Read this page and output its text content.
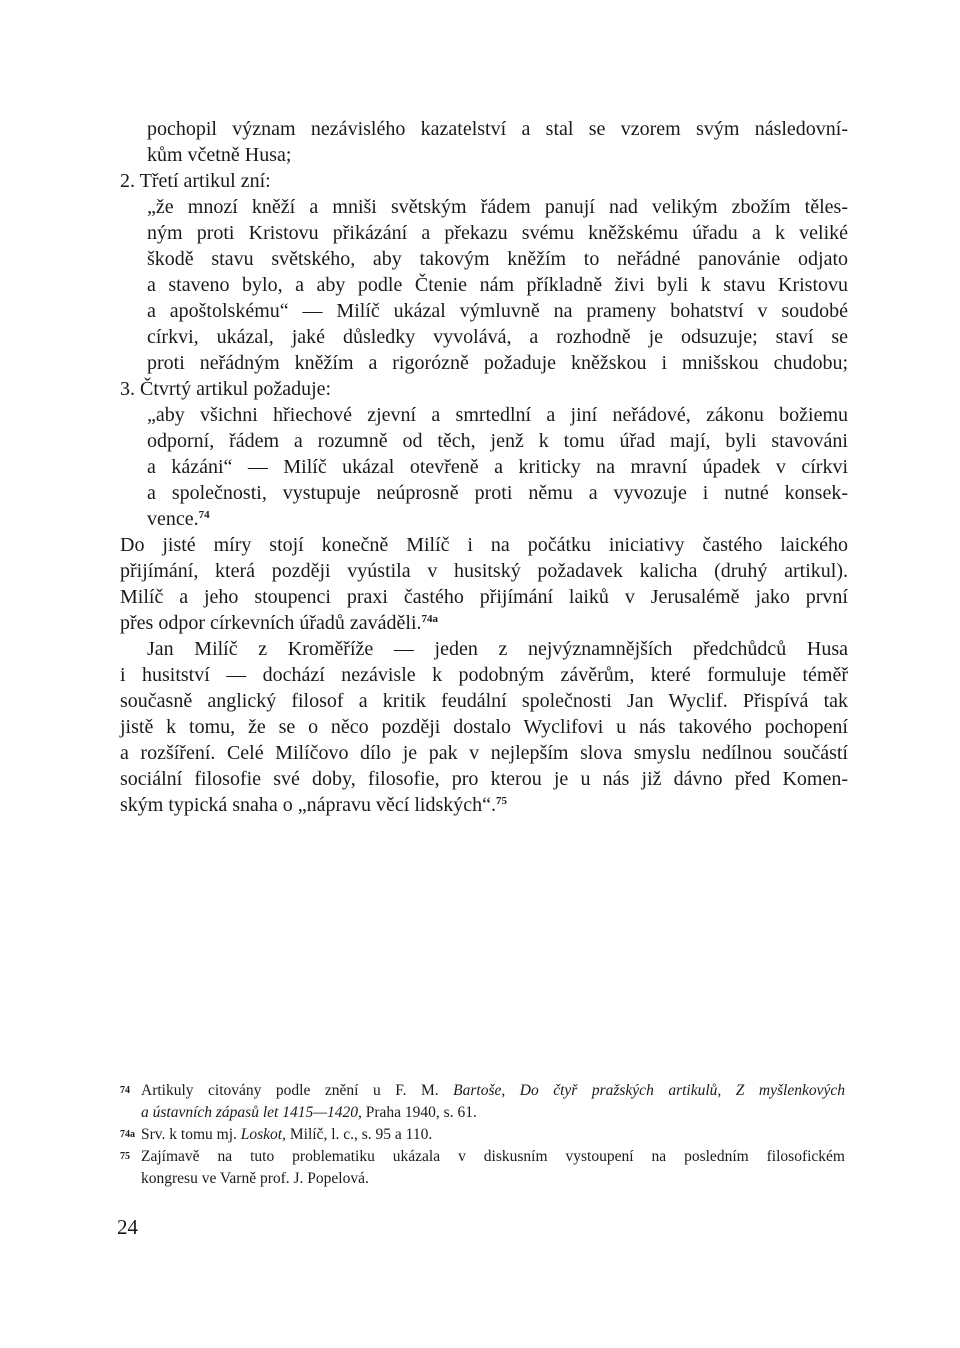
pochopil význam nezávislého kazatelství a stal se vzorem svým následovní-
kům včetně Husa;
2. Třetí artikul zní:
„že mnozí kněží a mniši světským řádem panují nad velikým zbožím těles-
ným proti Kristovu přikázání a překazu svému kněžskému úřadu a k veliké
škodě stavu světského, aby takovým kněžím to neřádné panovánie odjato
a staveno bylo, a aby podle Čtenie nám příkladně živi byli k stavu Kristovu
a apoštolskému“ — Milíč ukázal výmluvně na prameny bohatství v soudobé
církvi, ukázal, jaké důsledky vyvolává, a rozhodně je odsuzuje; staví se
proti neřádným kněžím a rigorózně požaduje kněžskou i mnišskou chudobu;
3. Čtvrtý artikul požaduje:
„aby všichni hřiechové zjevní a smrtedlní a jiní neřádové, zákonu božiemu
odporní, řádem a rozumně od těch, jenž k tomu úřad mají, byli stavováni
a kázáni“ — Milíč ukázal otevřeně a kriticky na mravní úpadek v církvi
a společnosti, vystupuje neúprosně proti němu a vyvozuje i nutné konsek-
vence.$^{74}$
Do jisté míry stojí konečně Milíč i na počátku iniciativy častého laického
přijímání, která později vyústila v husitský požadavek kalicha (druhý artikul).
Milíč a jeho stoupenci praxi častého přijímání laiků v Jerusalémě jako první
přes odpor církevních úřadů zaváděli.$^{74a}$
Jan Milíč z Kroměříže — jeden z nejvýznamnějších předchůdců Husa
i husitství — dochází nezávisle k podobným závěrům, které formuluje téměř
současně anglický filosof a kritik feudální společnosti Jan Wyclif. Přispívá tak
jistě k tomu, že se o něco později dostalo Wyclifovi u nás takového pochopení
a rozšíření. Celé Milíčovo dílo je pak v nejlepším slova smyslu nedílnou součástí
sociální filosofie své doby, filosofie, pro kterou je u nás již dávno před Komen-
ským typická snaha o „nápravu věcí lidských“.$^{75}$
74 Artikuly citovány podle znění u F. M. Bartoše, Do čtyř pražských artikulů, Z myšlenkových
a ústavních zápasů let 1415—1420, Praha 1940, s. 61.
74a Srv. k tomu mj. Loskot, Milíč, l. c., s. 95 a 110.
75 Zajímavě na tuto problematiku ukázala v diskusním vystoupení na posledním filosofickém
kongresu ve Varně prof. J. Popelová.
24
